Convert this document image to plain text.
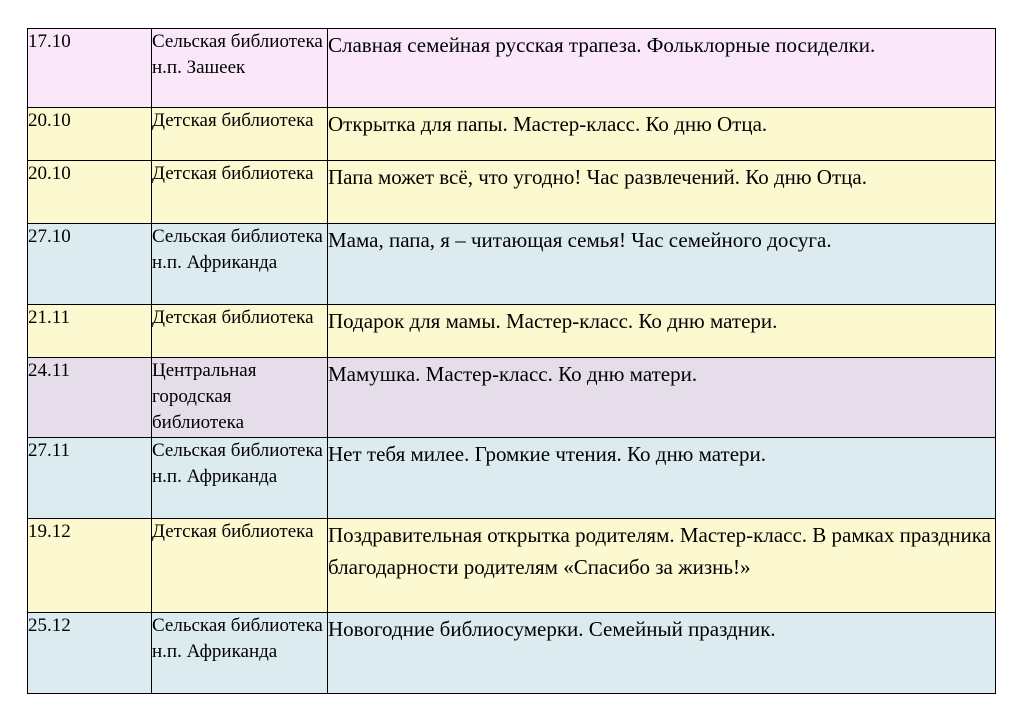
17.10	Сельская библиотека н.п. Зашеек	Славная семейная русская трапеза. Фольклорные посиделки.
20.10	Детская библиотека	Открытка для папы. Мастер-класс. Ко дню Отца.
20.10	Детская библиотека	Папа может всё, что угодно! Час развлечений. Ко дню Отца.
27.10	Сельская библиотека н.п. Африканда	Мама, папа, я – читающая семья! Час семейного досуга.
21.11	Детская библиотека	Подарок для мамы. Мастер-класс. Ко дню матери.
24.11	Центральная городская библиотека	Мамушка. Мастер-класс. Ко дню матери.
27.11	Сельская библиотека н.п. Африканда	Нет тебя милее. Громкие чтения. Ко дню матери.
19.12	Детская библиотека	Поздравительная открытка родителям. Мастер-класс. В рамках праздника благодарности родителям «Спасибо за жизнь!»
25.12	Сельская библиотека н.п. Африканда	Новогодние библиосумерки. Семейный праздник.
